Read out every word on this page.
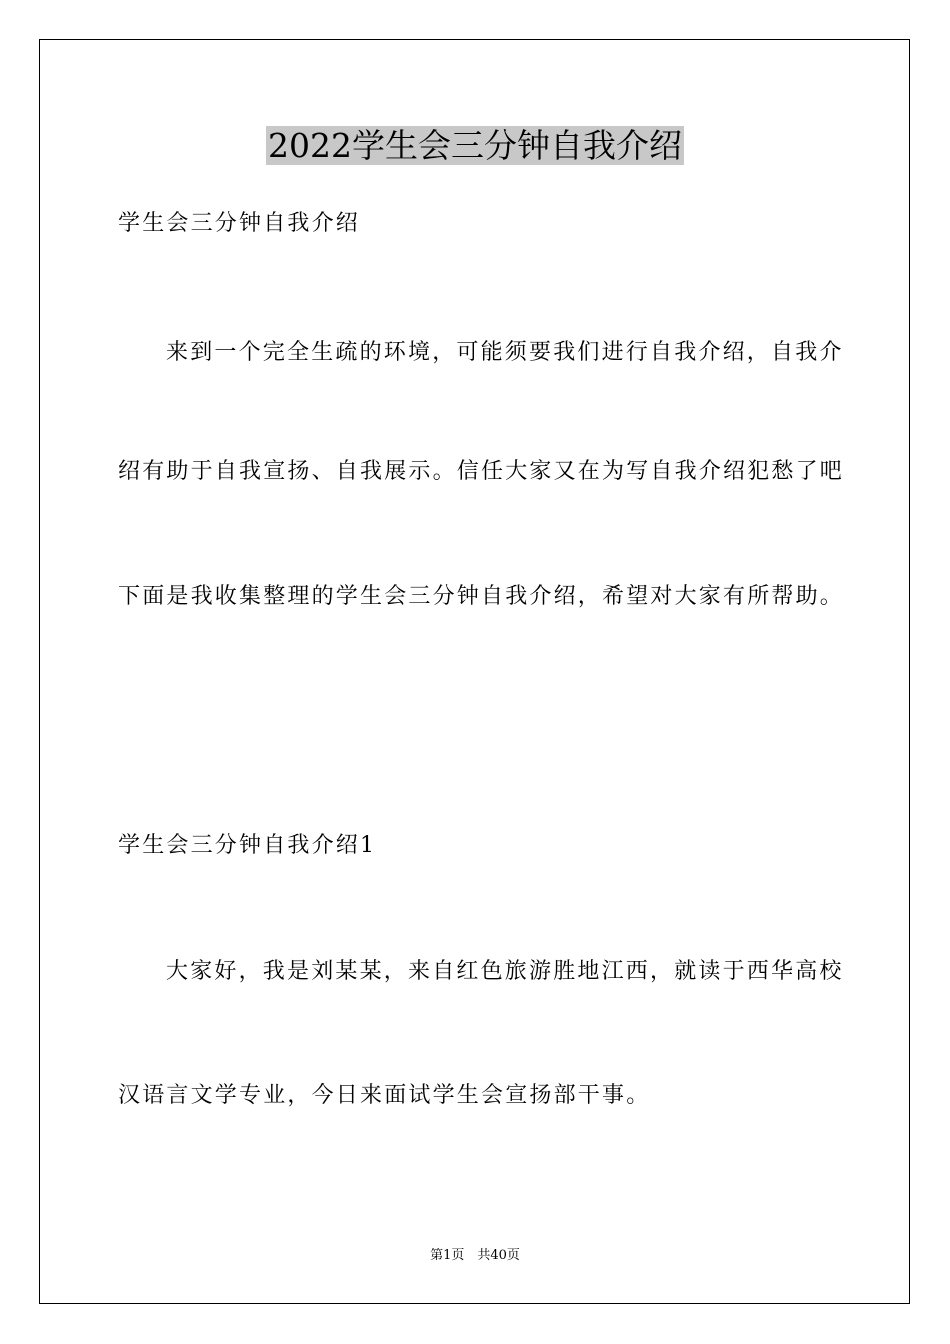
2022学生会三分钟自我介绍
学生会三分钟自我介绍
来到一个完全生疏的环境，可能须要我们进行自我介绍，自我介
绍有助于自我宣扬、自我展示。信任大家又在为写自我介绍犯愁了吧
下面是我收集整理的学生会三分钟自我介绍，希望对大家有所帮助。
学生会三分钟自我介绍1
大家好，我是刘某某，来自红色旅游胜地江西，就读于西华高校
汉语言文学专业，今日来面试学生会宣扬部干事。
第1页　共40页
